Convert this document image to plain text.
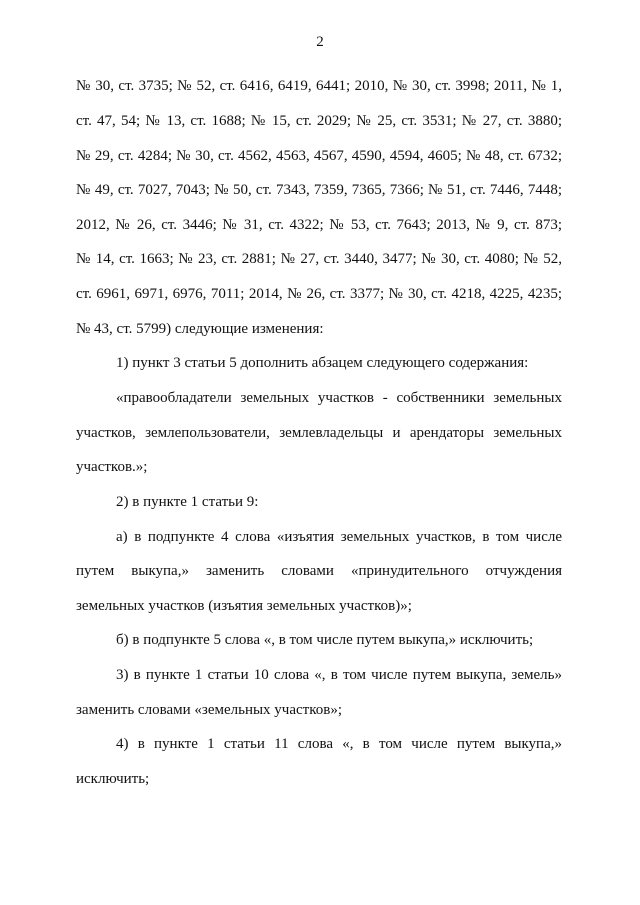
2
№ 30, ст. 3735; № 52, ст. 6416, 6419, 6441; 2010, № 30, ст. 3998; 2011, № 1,
ст. 47, 54; № 13, ст. 1688; № 15, ст. 2029; № 25, ст. 3531; № 27, ст. 3880;
№ 29, ст. 4284; № 30, ст. 4562, 4563, 4567, 4590, 4594, 4605; № 48, ст. 6732;
№ 49, ст. 7027, 7043; № 50, ст. 7343, 7359, 7365, 7366; № 51, ст. 7446, 7448;
2012, № 26, ст. 3446; № 31, ст. 4322; № 53, ст. 7643; 2013, № 9, ст. 873;
№ 14, ст. 1663; № 23, ст. 2881; № 27, ст. 3440, 3477; № 30, ст. 4080; № 52,
ст. 6961, 6971, 6976, 7011; 2014, № 26, ст. 3377; № 30, ст. 4218, 4225, 4235;
№ 43, ст. 5799) следующие изменения:
1) пункт 3 статьи 5 дополнить абзацем следующего содержания:
«правообладатели земельных участков - собственники земельных
участков, землепользователи, землевладельцы и арендаторы земельных
участков.»;
2) в пункте 1 статьи 9:
а) в подпункте 4 слова «изъятия земельных участков, в том числе
путем выкупа,» заменить словами «принудительного отчуждения
земельных участков (изъятия земельных участков)»;
б) в подпункте 5 слова «, в том числе путем выкупа,» исключить;
3) в пункте 1 статьи 10 слова «, в том числе путем выкупа, земель»
заменить словами «земельных участков»;
4) в пункте 1 статьи 11 слова «, в том числе путем выкупа,»
исключить;
